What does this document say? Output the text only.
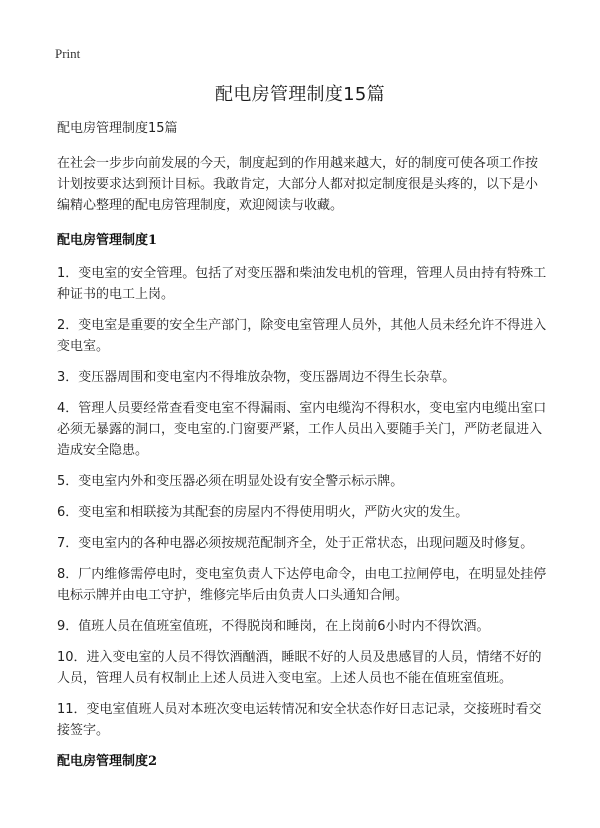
Print
配电房管理制度15篇

配电房管理制度15篇

在社会一步步向前发展的今天，制度起到的作用越来越大，好的制度可使各项工作按计划按要求达到预计目标。我敢肯定，大部分人都对拟定制度很是头疼的，以下是小编精心整理的配电房管理制度，欢迎阅读与收藏。

配电房管理制度1

1．变电室的安全管理。包括了对变压器和柴油发电机的管理，管理人员由持有特殊工种证书的电工上岗。

2．变电室是重要的安全生产部门，除变电室管理人员外，其他人员未经允许不得进入变电室。

3．变压器周围和变电室内不得堆放杂物，变压器周边不得生长杂草。

4．管理人员要经常查看变电室不得漏雨、室内电缆沟不得积水，变电室内电缆出室口必须无暴露的洞口，变电室的.门窗要严紧，工作人员出入要随手关门，严防老鼠进入造成安全隐患。

5．变电室内外和变压器必须在明显处设有安全警示标示牌。

6．变电室和相联接为其配套的房屋内不得使用明火，严防火灾的发生。

7．变电室内的各种电器必须按规范配制齐全，处于正常状态，出现问题及时修复。

8．厂内维修需停电时，变电室负责人下达停电命令，由电工拉闸停电，在明显处挂停电标示牌并由电工守护，维修完毕后由负责人口头通知合闸。

9．值班人员在值班室值班，不得脱岗和睡岗，在上岗前6小时内不得饮酒。

10．进入变电室的人员不得饮酒酗酒，睡眠不好的人员及患感冒的人员，情绪不好的人员，管理人员有权制止上述人员进入变电室。上述人员也不能在值班室值班。

11．变电室值班人员对本班次变电运转情况和安全状态作好日志记录，交接班时看交接签字。

配电房管理制度2
